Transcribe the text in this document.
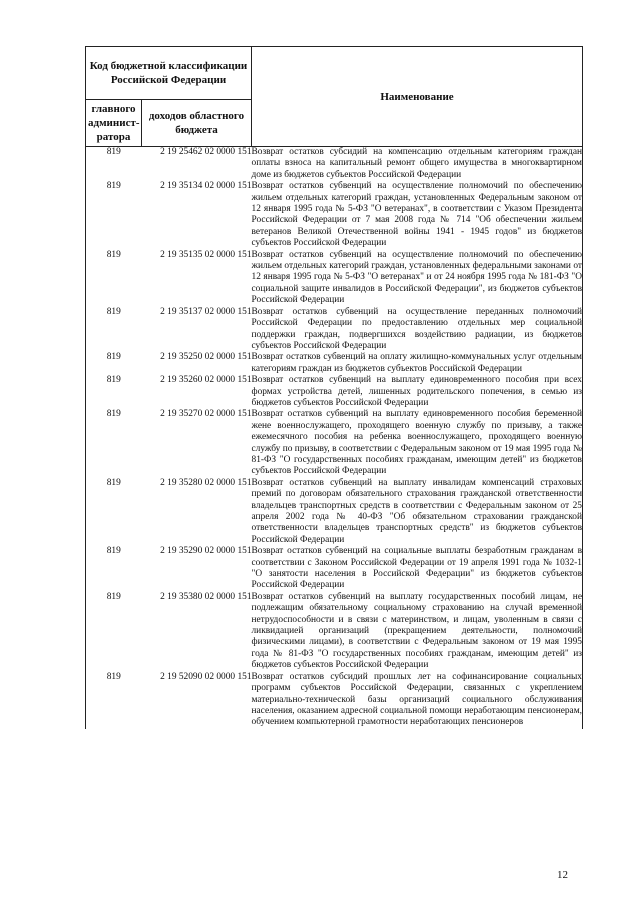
Код бюджетной классификации Российской Федерации		Наименование
главного админист-ратора	доходов областного бюджета	
819	2 19 25462 02 0000 151	Возврат остатков субсидий на компенсацию отдельным категориям граждан оплаты взноса на капитальный ремонт общего имущества в многоквартирном доме из бюджетов субъектов Российской Федерации
819	2 19 35134 02 0000 151	Возврат остатков субвенций на осуществление полномочий по обеспечению жильем отдельных категорий граждан, установленных Федеральным законом от 12 января 1995 года № 5-ФЗ "О ветеранах", в соответствии с Указом Президента Российской Федерации от 7 мая 2008 года № 714 "Об обеспечении жильем ветеранов Великой Отечественной войны 1941 - 1945 годов" из бюджетов субъектов Российской Федерации
819	2 19 35135 02 0000 151	Возврат остатков субвенций на осуществление полномочий по обеспечению жильем отдельных категорий граждан, установленных федеральными законами от 12 января 1995 года № 5-ФЗ "О ветеранах" и от 24 ноября 1995 года № 181-ФЗ "О социальной защите инвалидов в Российской Федерации", из бюджетов субъектов Российской Федерации
819	2 19 35137 02 0000 151	Возврат остатков субвенций на осуществление переданных полномочий Российской Федерации по предоставлению отдельных мер социальной поддержки граждан, подвергшихся воздействию радиации, из бюджетов субъектов Российской Федерации
819	2 19 35250 02 0000 151	Возврат остатков субвенций на оплату жилищно-коммунальных услуг отдельным категориям граждан из бюджетов субъектов Российской Федерации
819	2 19 35260 02 0000 151	Возврат остатков субвенций на выплату единовременного пособия при всех формах устройства детей, лишенных родительского попечения, в семью из бюджетов субъектов Российской Федерации
819	2 19 35270 02 0000 151	Возврат остатков субвенций на выплату единовременного пособия беременной жене военнослужащего, проходящего военную службу по призыву, а также ежемесячного пособия на ребенка военнослужащего, проходящего военную службу по призыву, в соответствии с Федеральным законом от 19 мая 1995 года № 81-ФЗ "О государственных пособиях гражданам, имеющим детей" из бюджетов субъектов Российской Федерации
819	2 19 35280 02 0000 151	Возврат остатков субвенций на выплату инвалидам компенсаций страховых премий по договорам обязательного страхования гражданской ответственности владельцев транспортных средств в соответствии с Федеральным законом от 25 апреля 2002 года № 40-ФЗ "Об обязательном страховании гражданской ответственности владельцев транспортных средств" из бюджетов субъектов Российской Федерации
819	2 19 35290 02 0000 151	Возврат остатков субвенций на социальные выплаты безработным гражданам в соответствии с Законом Российской Федерации от 19 апреля 1991 года № 1032-1 "О занятости населения в Российской Федерации" из бюджетов субъектов Российской Федерации
819	2 19 35380 02 0000 151	Возврат остатков субвенций на выплату государственных пособий лицам, не подлежащим обязательному социальному страхованию на случай временной нетрудоспособности и в связи с материнством, и лицам, уволенным в связи с ликвидацией организаций (прекращением деятельности, полномочий физическими лицами), в соответствии с Федеральным законом от 19 мая 1995 года № 81-ФЗ "О государственных пособиях гражданам, имеющим детей" из бюджетов субъектов Российской Федерации
819	2 19 52090 02 0000 151	Возврат остатков субсидий прошлых лет на софинансирование социальных программ субъектов Российской Федерации, связанных с укреплением материально-технической базы организаций социального обслуживания населения, оказанием адресной социальной помощи неработающим пенсионерам, обучением компьютерной грамотности неработающих пенсионеров
12
